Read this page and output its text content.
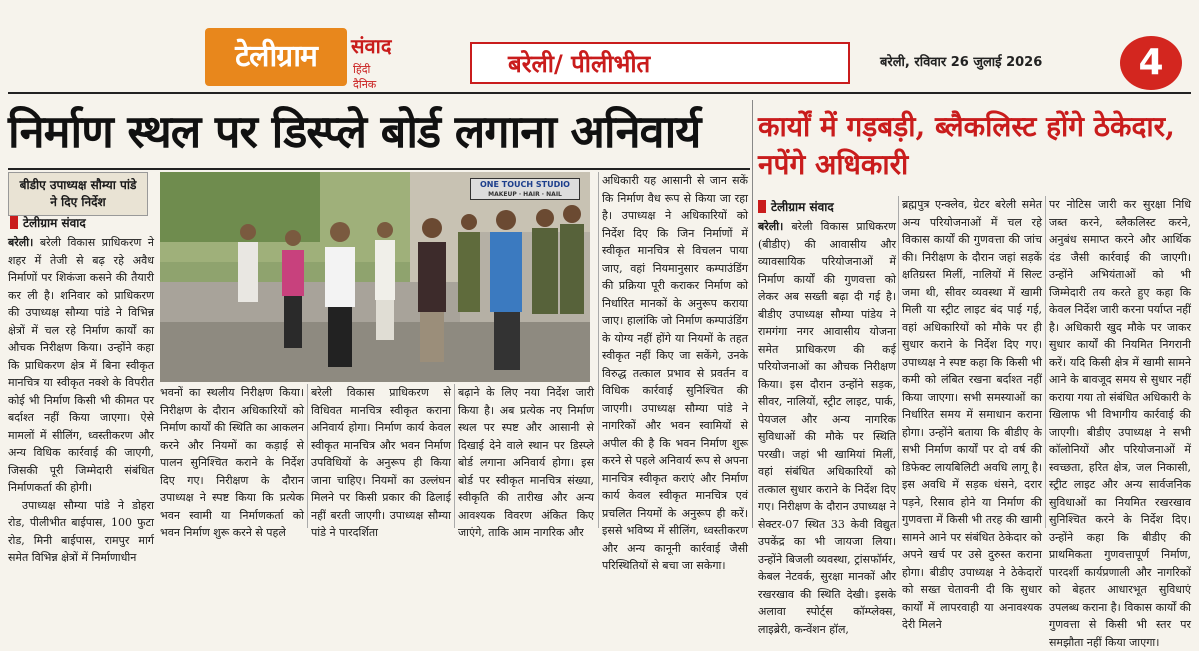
टेलीग्राम	संवाद
हिंदी दैनिक
बरेली/ पीलीभीत	बरेली, रविवार 26 जुलाई 2026	4
निर्माण स्थल पर डिस्प्ले बोर्ड लगाना अनिवार्य
बीडीए उपाध्यक्ष सौम्या पांडे ने दिए निर्देश
टेलीग्राम संवाद

बरेली। बरेली विकास प्राधिकरण ने शहर में तेजी से बढ़ रहे अवैध निर्माणों पर शिकंजा कसने की तैयारी कर ली है। शनिवार को प्राधिकरण की उपाध्यक्ष सौम्या पांडे ने विभिन्न क्षेत्रों में चल रहे निर्माण कार्यों का औचक निरीक्षण किया। उन्होंने कहा कि प्राधिकरण क्षेत्र में बिना स्वीकृत मानचित्र या स्वीकृत नक्शे के विपरीत कोई भी निर्माण किसी भी कीमत पर बर्दाश्त नहीं किया जाएगा। ऐसे मामलों में सीलिंग, ध्वस्तीकरण और अन्य विधिक कार्रवाई की जाएगी, जिसकी पूरी जिम्मेदारी संबंधित निर्माणकर्ता की होगी।

उपाध्यक्ष सौम्या पांडे ने डोहरा रोड, पीलीभीत बाईपास, 100 फुटा रोड, मिनी बाईपास, रामपुर मार्ग समेत विभिन्न क्षेत्रों में निर्माणाधीन

ONE TOUCH STUDIO
MAKEUP · HAIR · NAIL

भवनों का स्थलीय निरीक्षण किया। निरीक्षण के दौरान अधिकारियों को निर्माण कार्यों की स्थिति का आकलन करने और नियमों का कड़ाई से पालन सुनिश्चित कराने के निर्देश दिए गए। निरीक्षण के दौरान उपाध्यक्ष ने स्पष्ट किया कि प्रत्येक भवन स्वामी या निर्माणकर्ता को भवन निर्माण शुरू करने से पहले

बरेली विकास प्राधिकरण से विधिवत मानचित्र स्वीकृत कराना अनिवार्य होगा। निर्माण कार्य केवल स्वीकृत मानचित्र और भवन निर्माण उपविधियों के अनुरूप ही किया जाना चाहिए। नियमों का उल्लंघन मिलने पर किसी प्रकार की ढिलाई नहीं बरती जाएगी। उपाध्यक्ष सौम्या पांडे ने पारदर्शिता

बढ़ाने के लिए नया निर्देश जारी किया है। अब प्रत्येक नए निर्माण स्थल पर स्पष्ट और आसानी से दिखाई देने वाले स्थान पर डिस्प्ले बोर्ड लगाना अनिवार्य होगा। इस बोर्ड पर स्वीकृत मानचित्र संख्या, स्वीकृति की तारीख और अन्य आवश्यक विवरण अंकित किए जाएंगे, ताकि आम नागरिक और

अधिकारी यह आसानी से जान सकें कि निर्माण वैध रूप से किया जा रहा है। उपाध्यक्ष ने अधिकारियों को निर्देश दिए कि जिन निर्माणों में स्वीकृत मानचित्र से विचलन पाया जाए, वहां नियमानुसार कम्पाउंडिंग की प्रक्रिया पूरी कराकर निर्माण को निर्धारित मानकों के अनुरूप कराया जाए। हालांकि जो निर्माण कम्पाउंडिंग के योग्य नहीं होंगे या नियमों के तहत स्वीकृत नहीं किए जा सकेंगे, उनके विरुद्ध तत्काल प्रभाव से प्रवर्तन व विधिक कार्रवाई सुनिश्चित की जाएगी। उपाध्यक्ष सौम्या पांडे ने नागरिकों और भवन स्वामियों से अपील की है कि भवन निर्माण शुरू करने से पहले अनिवार्य रूप से अपना मानचित्र स्वीकृत कराएं और निर्माण कार्य केवल स्वीकृत मानचित्र एवं प्रचलित नियमों के अनुरूप ही करें। इससे भविष्य में सीलिंग, ध्वस्तीकरण और अन्य कानूनी कार्रवाई जैसी परिस्थितियों से बचा जा सकेगा।

कार्यों में गड़बड़ी, ब्लैकलिस्ट होंगे ठेकेदार, नपेंगे अधिकारी
टेलीग्राम संवाद

बरेली। बरेली विकास प्राधिकरण (बीडीए) की आवासीय और व्यावसायिक परियोजनाओं में निर्माण कार्यों की गुणवत्ता को लेकर अब सख्ती बढ़ा दी गई है। बीडीए उपाध्यक्ष सौम्या पांडेय ने रामगंगा नगर आवासीय योजना समेत प्राधिकरण की कई परियोजनाओं का औचक निरीक्षण किया। इस दौरान उन्होंने सड़क, सीवर, नालियों, स्ट्रीट लाइट, पार्क, पेयजल और अन्य नागरिक सुविधाओं की मौके पर स्थिति परखी। जहां भी खामियां मिलीं, वहां संबंधित अधिकारियों को तत्काल सुधार कराने के निर्देश दिए गए। निरीक्षण के दौरान उपाध्यक्ष ने सेक्टर-07 स्थित 33 केवी विद्युत उपकेंद्र का भी जायजा लिया। उन्होंने बिजली व्यवस्था, ट्रांसफॉर्मर, केबल नेटवर्क, सुरक्षा मानकों और रखरखाव की स्थिति देखी। इसके अलावा स्पोर्ट्स कॉम्प्लेक्स, लाइब्रेरी, कन्वेंशन हॉल,

ब्रह्मपुत्र एन्क्लेव, ग्रेटर बरेली समेत अन्य परियोजनाओं में चल रहे विकास कार्यों की गुणवत्ता की जांच की। निरीक्षण के दौरान जहां सड़कें क्षतिग्रस्त मिलीं, नालियों में सिल्ट जमा थी, सीवर व्यवस्था में खामी मिली या स्ट्रीट लाइट बंद पाई गई, वहां अधिकारियों को मौके पर ही सुधार कराने के निर्देश दिए गए। उपाध्यक्ष ने स्पष्ट कहा कि किसी भी कमी को लंबित रखना बर्दाश्त नहीं किया जाएगा। सभी समस्याओं का निर्धारित समय में समाधान कराना होगा। उन्होंने बताया कि बीडीए के सभी निर्माण कार्यों पर दो वर्ष की डिफेक्ट लायबिलिटी अवधि लागू है। इस अवधि में सड़क धंसने, दरार पड़ने, रिसाव होने या निर्माण की गुणवत्ता में किसी भी तरह की खामी सामने आने पर संबंधित ठेकेदार को अपने खर्च पर उसे दुरुस्त कराना होगा। बीडीए उपाध्यक्ष ने ठेकेदारों को सख्त चेतावनी दी कि सुधार कार्यों में लापरवाही या अनावश्यक देरी मिलने

पर नोटिस जारी कर सुरक्षा निधि जब्त करने, ब्लैकलिस्ट करने, अनुबंध समाप्त करने और आर्थिक दंड जैसी कार्रवाई की जाएगी। उन्होंने अभियंताओं को भी जिम्मेदारी तय करते हुए कहा कि केवल निर्देश जारी करना पर्याप्त नहीं है। अधिकारी खुद मौके पर जाकर सुधार कार्यों की नियमित निगरानी करें। यदि किसी क्षेत्र में खामी सामने आने के बावजूद समय से सुधार नहीं कराया गया तो संबंधित अधिकारी के खिलाफ भी विभागीय कार्रवाई की जाएगी। बीडीए उपाध्यक्ष ने सभी कॉलोनियों और परियोजनाओं में स्वच्छता, हरित क्षेत्र, जल निकासी, स्ट्रीट लाइट और अन्य सार्वजनिक सुविधाओं का नियमित रखरखाव सुनिश्चित करने के निर्देश दिए। उन्होंने कहा कि बीडीए की प्राथमिकता गुणवत्तापूर्ण निर्माण, पारदर्शी कार्यप्रणाली और नागरिकों को बेहतर आधारभूत सुविधाएं उपलब्ध कराना है। विकास कार्यों की गुणवत्ता से किसी भी स्तर पर समझौता नहीं किया जाएगा।
